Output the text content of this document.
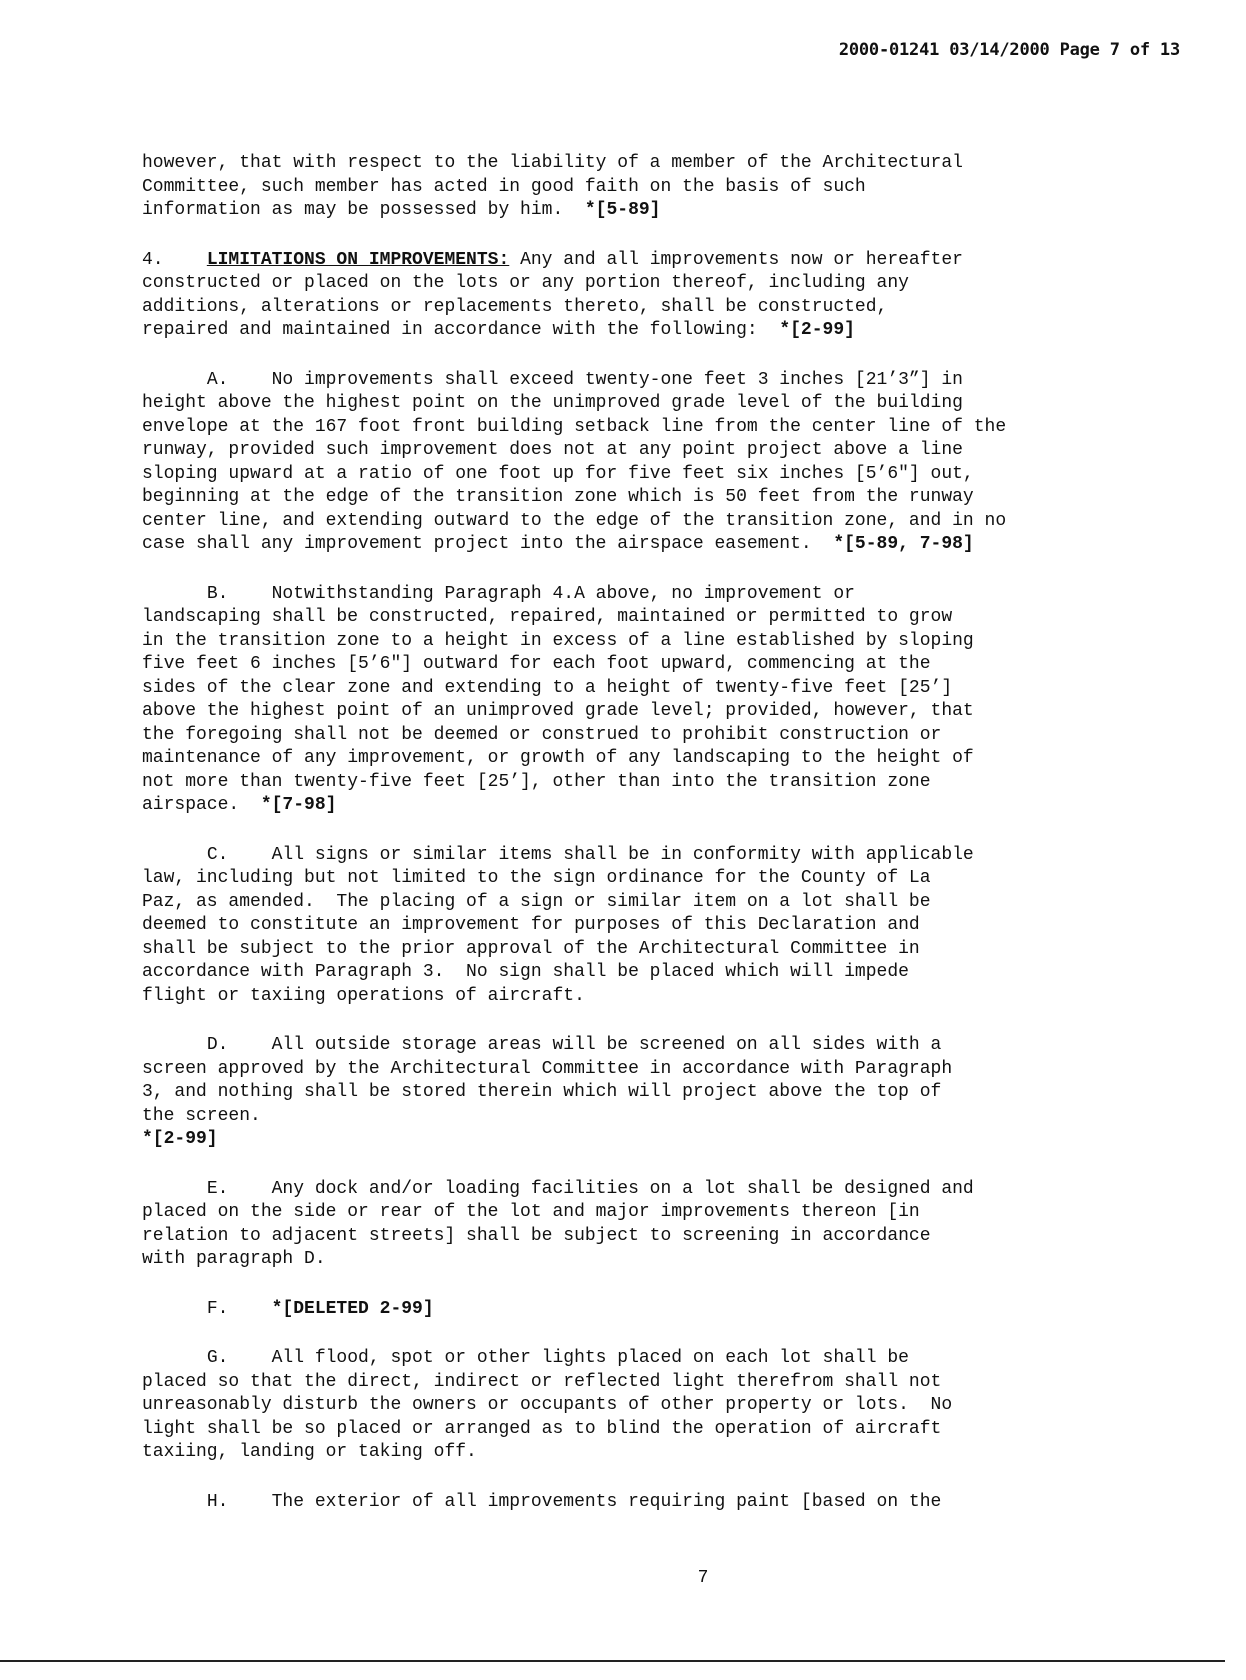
2000-01241 03/14/2000 Page 7 of 13

however, that with respect to the liability of a member of the Architectural
Committee, such member has acted in good faith on the basis of such
information as may be possessed by him.  *[5-89]

4.    LIMITATIONS ON IMPROVEMENTS: Any and all improvements now or hereafter
constructed or placed on the lots or any portion thereof, including any
additions, alterations or replacements thereto, shall be constructed,
repaired and maintained in accordance with the following:  *[2-99]

A.    No improvements shall exceed twenty-one feet 3 inches [21’3”] in
height above the highest point on the unimproved grade level of the building
envelope at the 167 foot front building setback line from the center line of the
runway, provided such improvement does not at any point project above a line
sloping upward at a ratio of one foot up for five feet six inches [5’6"] out,
beginning at the edge of the transition zone which is 50 feet from the runway
center line, and extending outward to the edge of the transition zone, and in no
case shall any improvement project into the airspace easement.  *[5-89, 7-98]

B.    Notwithstanding Paragraph 4.A above, no improvement or
landscaping shall be constructed, repaired, maintained or permitted to grow
in the transition zone to a height in excess of a line established by sloping
five feet 6 inches [5’6"] outward for each foot upward, commencing at the
sides of the clear zone and extending to a height of twenty-five feet [25’]
above the highest point of an unimproved grade level; provided, however, that
the foregoing shall not be deemed or construed to prohibit construction or
maintenance of any improvement, or growth of any landscaping to the height of
not more than twenty-five feet [25’], other than into the transition zone
airspace.  *[7-98]

C.    All signs or similar items shall be in conformity with applicable
law, including but not limited to the sign ordinance for the County of La
Paz, as amended.  The placing of a sign or similar item on a lot shall be
deemed to constitute an improvement for purposes of this Declaration and
shall be subject to the prior approval of the Architectural Committee in
accordance with Paragraph 3.  No sign shall be placed which will impede
flight or taxiing operations of aircraft.

D.    All outside storage areas will be screened on all sides with a
screen approved by the Architectural Committee in accordance with Paragraph
3, and nothing shall be stored therein which will project above the top of
the screen.
*[2-99]

E.    Any dock and/or loading facilities on a lot shall be designed and
placed on the side or rear of the lot and major improvements thereon [in
relation to adjacent streets] shall be subject to screening in accordance
with paragraph D.

F.    *[DELETED 2-99]

G.    All flood, spot or other lights placed on each lot shall be
placed so that the direct, indirect or reflected light therefrom shall not
unreasonably disturb the owners or occupants of other property or lots.  No
light shall be so placed or arranged as to blind the operation of aircraft
taxiing, landing or taking off.

H.    The exterior of all improvements requiring paint [based on the

7
